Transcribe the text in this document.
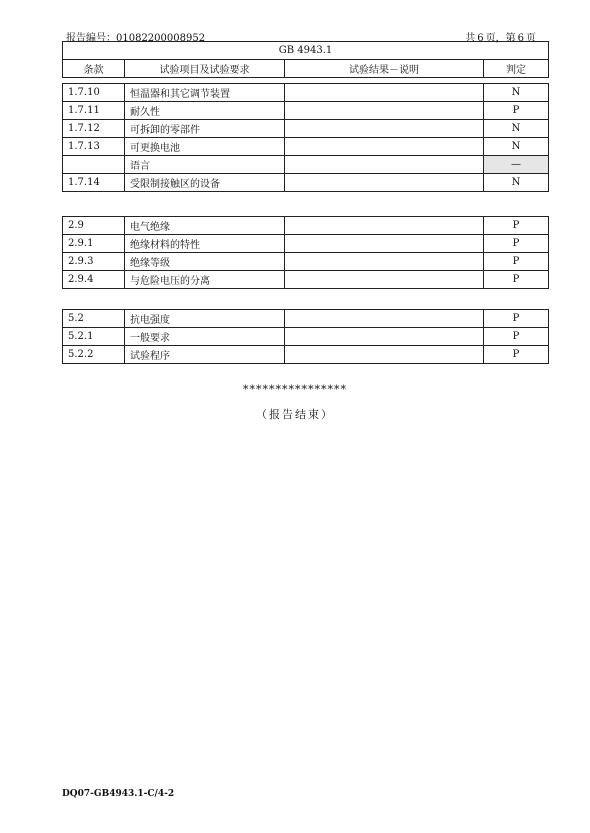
报告编号：01082200008952	共 6 页，第 6 页
GB 4943.1			
条款	试验项目及试验要求	试验结果－说明	判定

1.7.10	恒温器和其它调节装置		N
1.7.11	耐久性		P
1.7.12	可拆卸的零部件		N
1.7.13	可更换电池		N
	语言		—
1.7.14	受限制接触区的设备		N
2.9	电气绝缘		P
2.9.1	绝缘材料的特性		P
2.9.3	绝缘等级		P
2.9.4	与危险电压的分离		P
5.2	抗电强度		P
5.2.1	一般要求		P
5.2.2	试验程序		P
****************
（报告结束）
DQ07-GB4943.1-C/4-2
